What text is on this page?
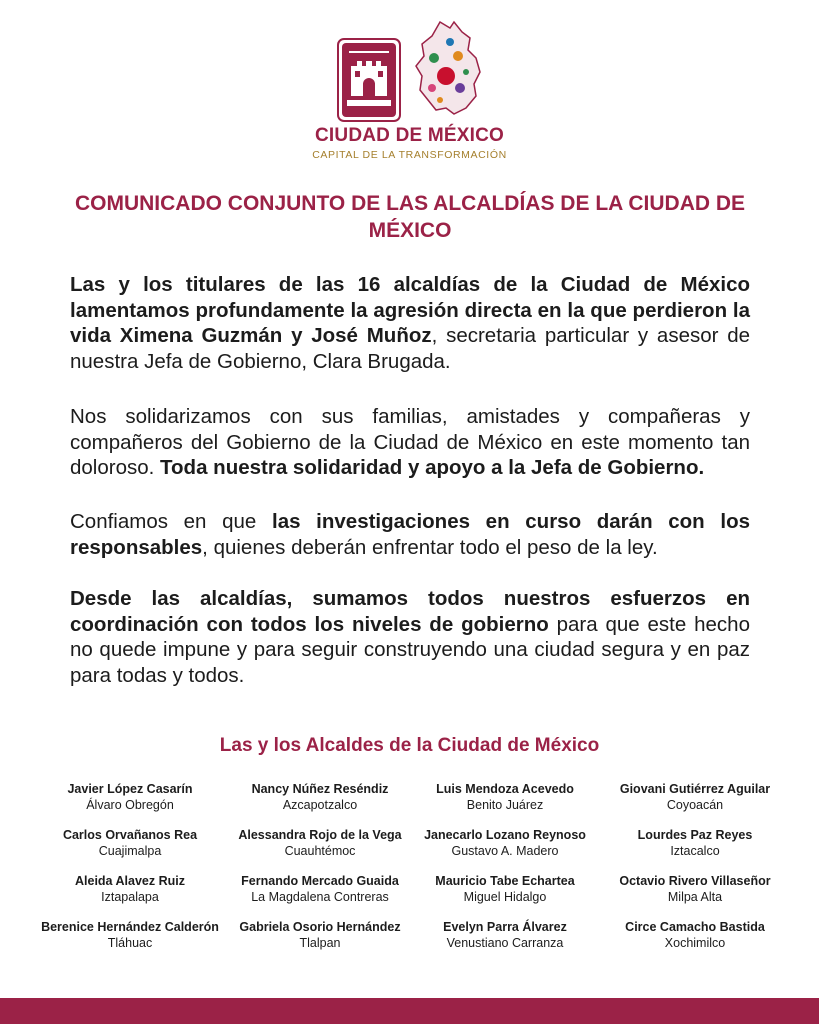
CIUDAD DE MÉXICO
CAPITAL DE LA TRANSFORMACIÓN
COMUNICADO CONJUNTO DE LAS ALCALDÍAS DE LA CIUDAD DE MÉXICO

Las y los titulares de las 16 alcaldías de la Ciudad de México lamentamos profundamente la agresión directa en la que perdieron la vida Ximena Guzmán y José Muñoz, secretaria particular y asesor de nuestra Jefa de Gobierno, Clara Brugada.

Nos solidarizamos con sus familias, amistades y compañeras y compañeros del Gobierno de la Ciudad de México en este momento tan doloroso. Toda nuestra solidaridad y apoyo a la Jefa de Gobierno.

Confiamos en que las investigaciones en curso darán con los responsables, quienes deberán enfrentar todo el peso de la ley.

Desde las alcaldías, sumamos todos nuestros esfuerzos en coordinación con todos los niveles de gobierno para que este hecho no quede impune y para seguir construyendo una ciudad segura y en paz para todas y todos.

Las y los Alcaldes de la Ciudad de México
Javier López Casarín
Álvaro Obregón
Nancy Núñez Reséndiz
Azcapotzalco
Luis Mendoza Acevedo
Benito Juárez
Giovani Gutiérrez Aguilar
Coyoacán
Carlos Orvañanos Rea
Cuajimalpa
Alessandra Rojo de la Vega
Cuauhtémoc
Janecarlo Lozano Reynoso
Gustavo A. Madero
Lourdes Paz Reyes
Iztacalco
Aleida Alavez Ruiz
Iztapalapa
Fernando Mercado Guaida
La Magdalena Contreras
Mauricio Tabe Echartea
Miguel Hidalgo
Octavio Rivero Villaseñor
Milpa Alta
Berenice Hernández Calderón
Tláhuac
Gabriela Osorio Hernández
Tlalpan
Evelyn Parra Álvarez
Venustiano Carranza
Circe Camacho Bastida
Xochimilco
